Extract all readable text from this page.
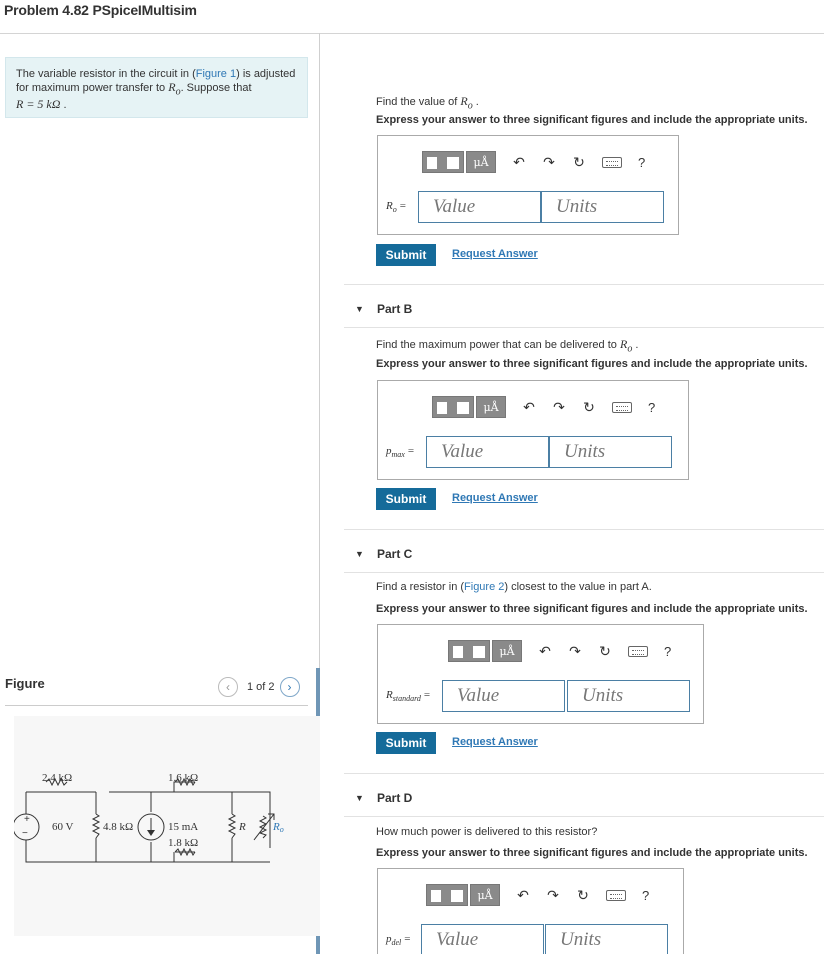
Problem 4.82 PSpiceIMultisim
The variable resistor in the circuit in (Figure 1) is adjusted for maximum power transfer to $R_o$. Suppose that
R = 5 kΩ .
Figure	‹	1 of 2	›
+
−
2.4 kΩ	1.6 kΩ
1.8 kΩ
4.8 kΩ
60 V	15 mA	R Ro
Find the value of $R_o$ .
Express your answer to three significant figures and include the appropriate units.
μÅ	↶ ↷ ↻	?
$R_o$ =	Value	Units
Submit	Request Answer
▼ Part B
Find the maximum power that can be delivered to $R_o$ .
Express your answer to three significant figures and include the appropriate units.
μÅ	↶ ↷ ↻	?
$p_{max}$ =	Value	Units
Submit	Request Answer
▼ Part C
Find a resistor in (Figure 2) closest to the value in part A.
Express your answer to three significant figures and include the appropriate units.
μÅ	↶ ↷ ↻	?
$R_{standard}$ =	Value	Units
Submit	Request Answer
▼ Part D
How much power is delivered to this resistor?
Express your answer to three significant figures and include the appropriate units.
μÅ	↶ ↷ ↻	?
$p_{del}$ =	Value	Units
